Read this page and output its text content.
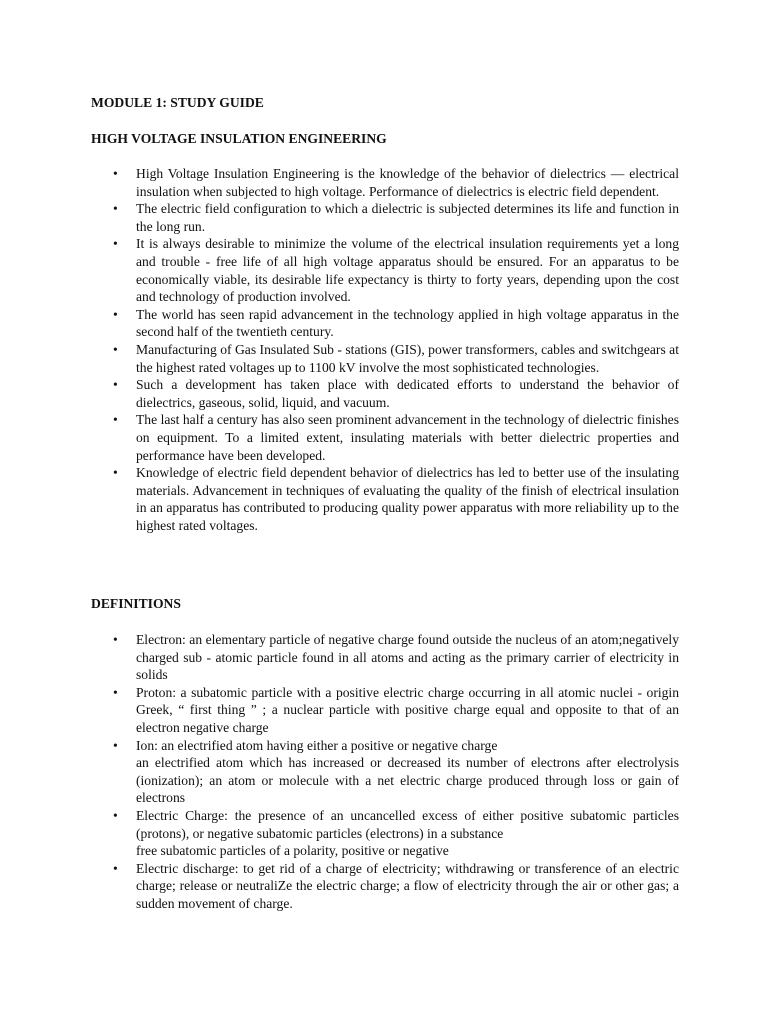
MODULE 1: STUDY GUIDE
HIGH VOLTAGE INSULATION ENGINEERING
•	High Voltage Insulation Engineering is the knowledge of the behavior of dielectrics — electrical insulation when subjected to high voltage. Performance of dielectrics is electric field dependent.
•	The electric field configuration to which a dielectric is subjected determines its life and function in the long run.
•	It is always desirable to minimize the volume of the electrical insulation requirements yet a long and trouble - free life of all high voltage apparatus should be ensured. For an apparatus to be economically viable, its desirable life expectancy is thirty to forty years, depending upon the cost and technology of production involved.
•	The world has seen rapid advancement in the technology applied in high voltage apparatus in the second half of the twentieth century.
•	Manufacturing of Gas Insulated Sub - stations (GIS), power transformers, cables and switchgears at the highest rated voltages up to 1100 kV involve the most sophisticated technologies.
•	Such a development has taken place with dedicated efforts to understand the behavior of dielectrics, gaseous, solid, liquid, and vacuum.
•	The last half a century has also seen prominent advancement in the technology of dielectric finishes on equipment. To a limited extent, insulating materials with better dielectric properties and performance have been developed.
•	Knowledge of electric field dependent behavior of dielectrics has led to better use of the insulating materials. Advancement in techniques of evaluating the quality of the finish of electrical insulation in an apparatus has contributed to producing quality power apparatus with more reliability up to the highest rated voltages.
DEFINITIONS
•	Electron: an elementary particle of negative charge found outside the nucleus of an atom;negatively charged sub - atomic particle found in all atoms and acting as the primary carrier of electricity in solids
•	Proton: a subatomic particle with a positive electric charge occurring in all atomic nuclei - origin Greek, “ first thing ” ; a nuclear particle with positive charge equal and opposite to that of an electron negative charge
•	Ion: an electrified atom having either a positive or negative charge
an electrified atom which has increased or decreased its number of electrons after electrolysis (ionization); an atom or molecule with a net electric charge produced through loss or gain of electrons
•	Electric Charge: the presence of an uncancelled excess of either positive subatomic particles (protons), or negative subatomic particles (electrons) in a substance
free subatomic particles of a polarity, positive or negative
•	Electric discharge: to get rid of a charge of electricity; withdrawing or transference of an electric charge; release or neutraliZe the electric charge; a flow of electricity through the air or other gas; a sudden movement of charge.
